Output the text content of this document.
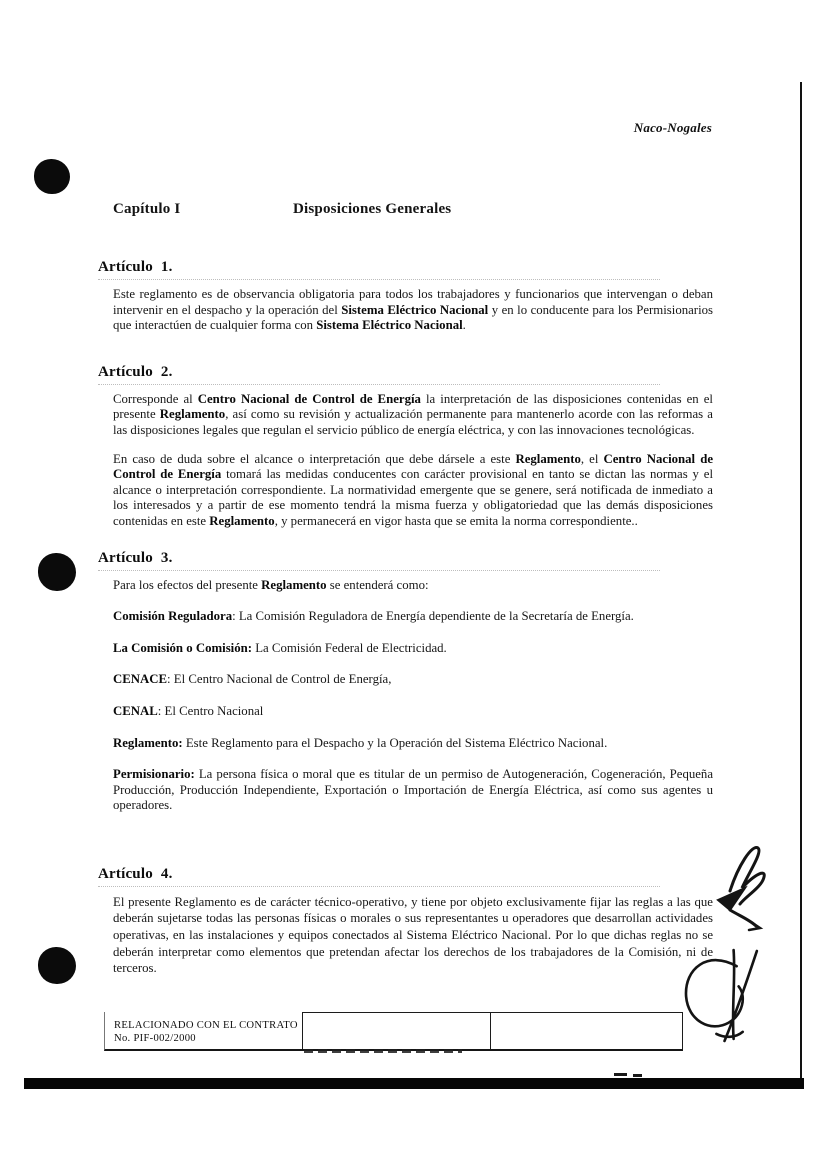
Naco-Nogales
Capítulo I	Disposiciones Generales
Artículo 1.

Este reglamento es de observancia obligatoria para todos los trabajadores y funcionarios que intervengan o deban intervenir en el despacho y la operación del Sistema Eléctrico Nacional y en lo conducente para los Permisionarios que interactúen de cualquier forma con Sistema Eléctrico Nacional.

Artículo 2.

Corresponde al Centro Nacional de Control de Energía la interpretación de las disposiciones contenidas en el presente Reglamento, así como su revisión y actualización permanente para mantenerlo acorde con las reformas a las disposiciones legales que regulan el servicio público de energía eléctrica, y con las innovaciones tecnológicas.

En caso de duda sobre el alcance o interpretación que debe dársele a este Reglamento, el Centro Nacional de Control de Energía tomará las medidas conducentes con carácter provisional en tanto se dictan las normas y el alcance o interpretación correspondiente. La normatividad emergente que se genere, será notificada de inmediato a los interesados y a partir de ese momento tendrá la misma fuerza y obligatoriedad que las demás disposiciones contenidas en este Reglamento, y permanecerá en vigor hasta que se emita la norma correspondiente..

Artículo 3.

Para los efectos del presente Reglamento se entenderá como:

Comisión Reguladora: La Comisión Reguladora de Energía dependiente de la Secretaría de Energía.

La Comisión o Comisión: La Comisión Federal de Electricidad.

CENACE: El Centro Nacional de Control de Energía,

CENAL: El Centro Nacional

Reglamento: Este Reglamento para el Despacho y la Operación del Sistema Eléctrico Nacional.

Permisionario: La persona física o moral que es titular de un permiso de Autogeneración, Cogeneración, Pequeña Producción, Producción Independiente, Exportación o Importación de Energía Eléctrica, así como sus agentes u operadores.

Artículo 4.

El presente Reglamento es de carácter técnico-operativo, y tiene por objeto exclusivamente fijar las reglas a las que deberán sujetarse todas las personas físicas o morales o sus representantes u operadores que desarrollan actividades operativas, en las instalaciones y equipos conectados al Sistema Eléctrico Nacional. Por lo que dichas reglas no se deberán interpretar como elementos que pretendan afectar los derechos de los trabajadores de la Comisión, ni de terceros.

RELACIONADO CON EL CONTRATO
No. PIF-002/2000
